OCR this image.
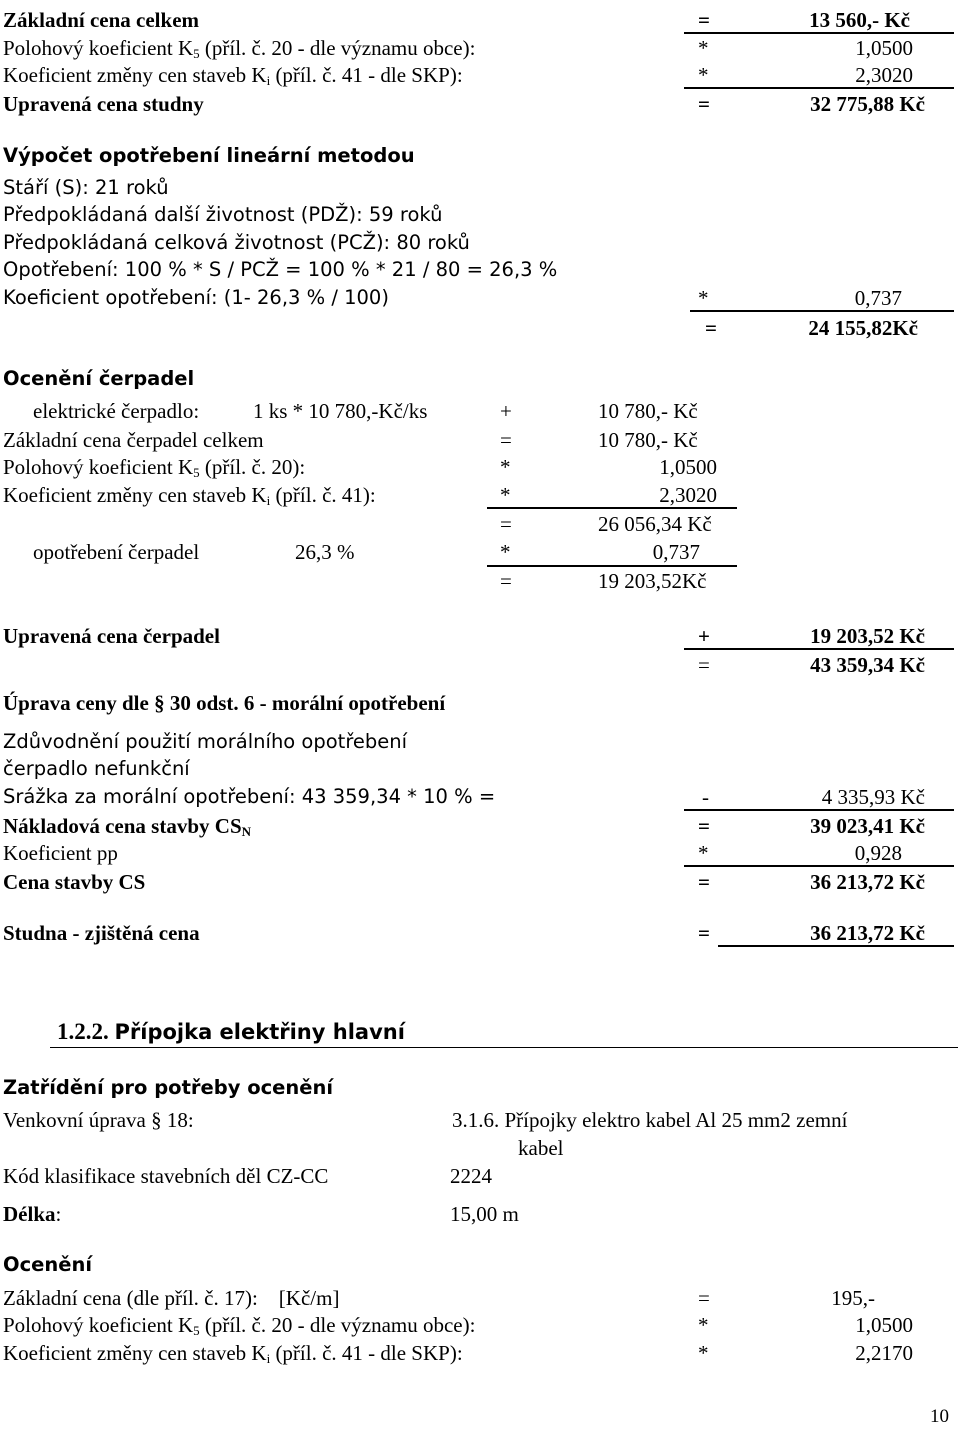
Základní cena celkem	=	13 560,- Kč
Polohový koeficient $K_5$ (příl. č. 20 - dle významu obce):	*	1,0500
Koeficient změny cen staveb $K_i$ (příl. č. 41 - dle SKP):	*	2,3020
Upravená cena studny	=	32 775,88 Kč
Výpočet opotřebení lineární metodou
Stáří (S): 21 roků
Předpokládaná další životnost (PDŽ): 59 roků
Předpokládaná celková životnost (PCŽ): 80 roků
Opotřebení: 100 % * S / PCŽ = 100 % * 21 / 80 = 26,3 %
Koeficient opotřebení: (1- 26,3 % / 100)	*	0,737
=	24 155,82Kč
Ocenění čerpadel
elektrické čerpadlo:	1 ks * 10 780,-Kč/ks	+	10 780,- Kč
Základní cena čerpadel celkem	=	10 780,- Kč
Polohový koeficient $K_5$ (příl. č. 20):	*	1,0500
Koeficient změny cen staveb $K_i$ (příl. č. 41):	*	2,3020
=	26 056,34 Kč
opotřebení čerpadel	26,3 %	*	0,737
=	19 203,52Kč
Upravená cena čerpadel	+	19 203,52 Kč
=	43 359,34 Kč
Úprava ceny dle § 30 odst. 6 - morální opotřebení
Zdůvodnění použití morálního opotřebení
čerpadlo nefunkční
Srážka za morální opotřebení: 43 359,34 * 10 % =	-	4 335,93 Kč
Nákladová cena stavby $CS_N$	=	39 023,41 Kč
Koeficient pp	*	0,928
Cena stavby CS	=	36 213,72 Kč
Studna - zjištěná cena	=	36 213,72 Kč
1.2.2. Přípojka elektřiny hlavní
Zatřídění pro potřeby ocenění
Venkovní úprava § 18:	3.1.6. Přípojky elektro kabel Al 25 mm2 zemní
kabel
Kód klasifikace stavebních děl CZ-CC	2224
Délka:	15,00 m
Ocenění
Základní cena (dle příl. č. 17):    [Kč/m]	=	195,-
Polohový koeficient $K_5$ (příl. č. 20 - dle významu obce):	*	1,0500
Koeficient změny cen staveb $K_i$ (příl. č. 41 - dle SKP):	*	2,2170
10
